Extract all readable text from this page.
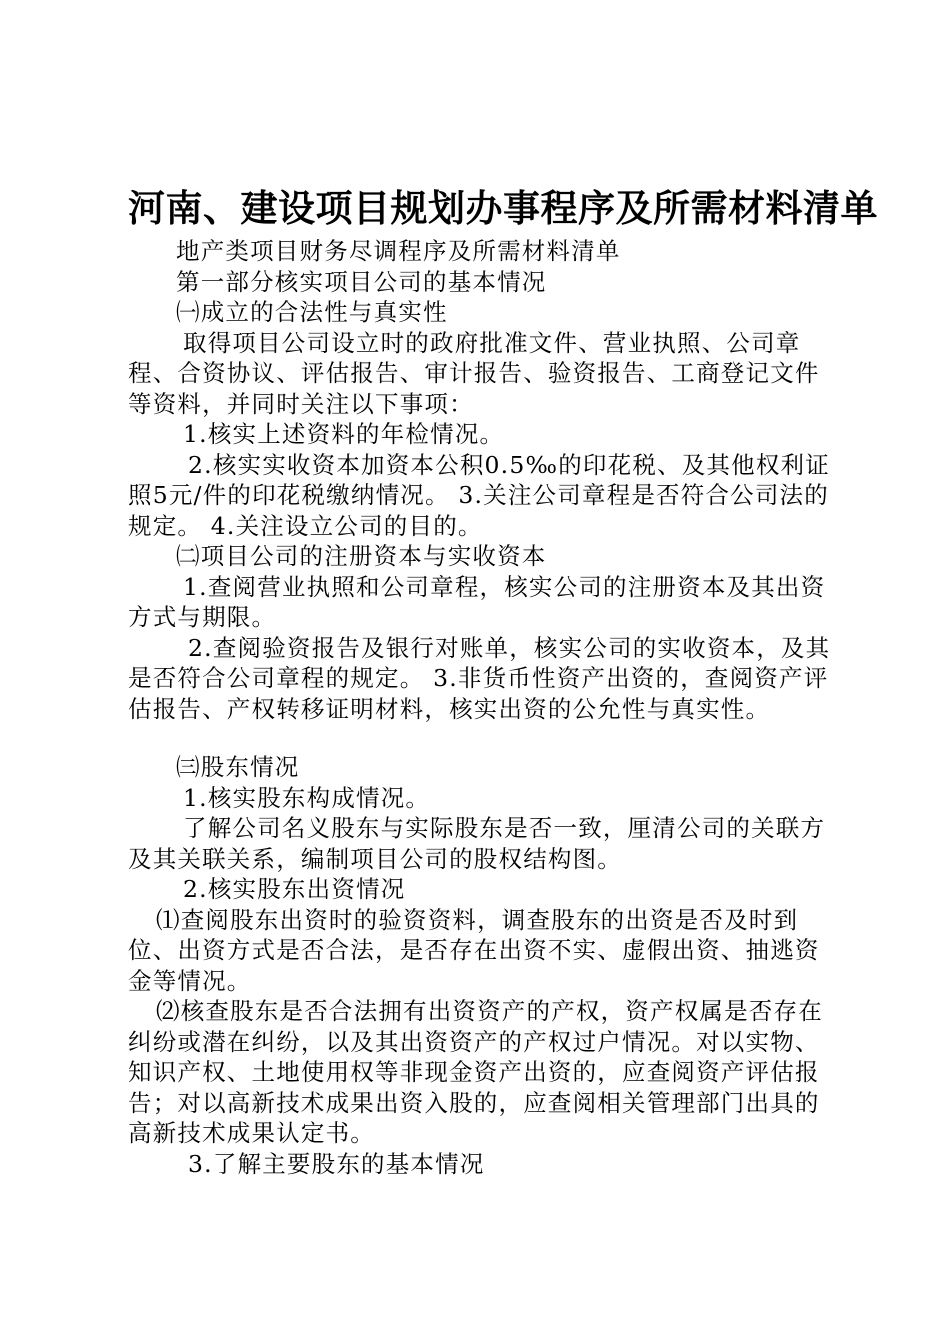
河南、建设项目规划办事程序及所需材料清单

地产类项目财务尽调程序及所需材料清单

第一部分核实项目公司的基本情况

㈠成立的合法性与真实性

取得项目公司设立时的政府批准文件、营业执照、公司章程、合资协议、评估报告、审计报告、验资报告、工商登记文件等资料，并同时关注以下事项：

1.核实上述资料的年检情况。

2.核实实收资本加资本公积0.5‰的印花税、及其他权利证照5元/件的印花税缴纳情况。 3.关注公司章程是否符合公司法的规定。 4.关注设立公司的目的。

㈡项目公司的注册资本与实收资本

1.查阅营业执照和公司章程，核实公司的注册资本及其出资方式与期限。

2.查阅验资报告及银行对账单，核实公司的实收资本，及其是否符合公司章程的规定。 3.非货币性资产出资的，查阅资产评估报告、产权转移证明材料，核实出资的公允性与真实性。

㈢股东情况

1.核实股东构成情况。

了解公司名义股东与实际股东是否一致，厘清公司的关联方及其关联关系，编制项目公司的股权结构图。

2.核实股东出资情况

⑴查阅股东出资时的验资资料，调查股东的出资是否及时到位、出资方式是否合法，是否存在出资不实、虚假出资、抽逃资金等情况。

⑵核查股东是否合法拥有出资资产的产权，资产权属是否存在纠纷或潜在纠纷，以及其出资资产的产权过户情况。对以实物、知识产权、土地使用权等非现金资产出资的，应查阅资产评估报告；对以高新技术成果出资入股的，应查阅相关管理部门出具的高新技术成果认定书。

3.了解主要股东的基本情况
